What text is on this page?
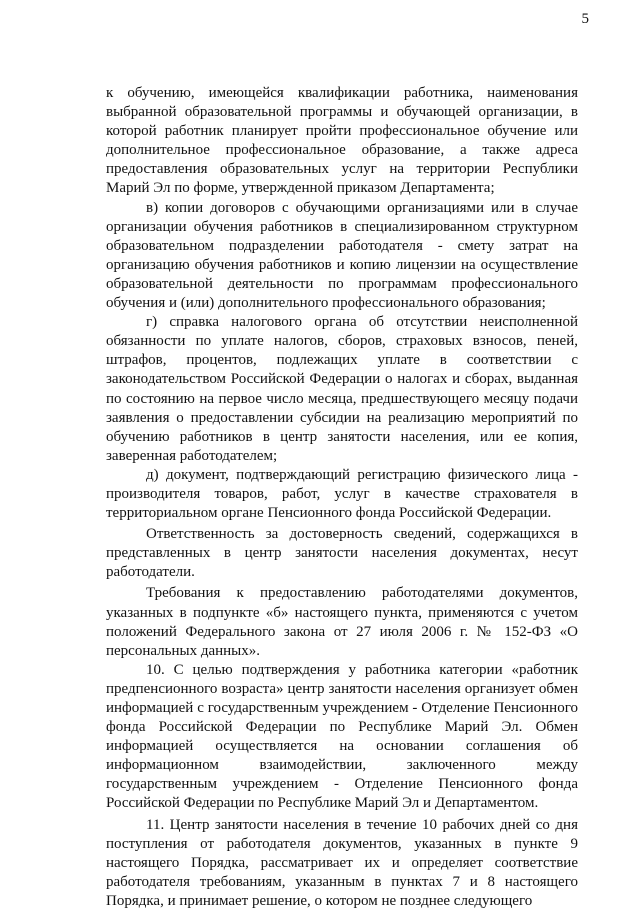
5

к обучению, имеющейся квалификации работника, наименования выбранной образовательной программы и обучающей организации, в которой работник планирует пройти профессиональное обучение или дополнительное профессиональное образование, а также адреса предоставления образовательных услуг на территории Республики Марий Эл по форме, утвержденной приказом Департамента;

в) копии договоров с обучающими организациями или в случае организации обучения работников в специализированном структурном образовательном подразделении работодателя - смету затрат на организацию обучения работников и копию лицензии на осуществление образовательной деятельности по программам профессионального обучения и (или) дополнительного профессионального образования;

г) справка налогового органа об отсутствии неисполненной обязанности по уплате налогов, сборов, страховых взносов, пеней, штрафов, процентов, подлежащих уплате в соответствии с законодательством Российской Федерации о налогах и сборах, выданная по состоянию на первое число месяца, предшествующего месяцу подачи заявления о предоставлении субсидии на реализацию мероприятий по обучению работников в центр занятости населения, или ее копия, заверенная работодателем;

д) документ, подтверждающий регистрацию физического лица - производителя товаров, работ, услуг в качестве страхователя в территориальном органе Пенсионного фонда Российской Федерации.

Ответственность за достоверность сведений, содержащихся в представленных в центр занятости населения документах, несут работодатели.

Требования к предоставлению работодателями документов, указанных в подпункте «б» настоящего пункта, применяются с учетом положений Федерального закона от 27 июля 2006 г. № 152-ФЗ «О персональных данных».

10. С целью подтверждения у работника категории «работник предпенсионного возраста» центр занятости населения организует обмен информацией с государственным учреждением - Отделение Пенсионного фонда Российской Федерации по Республике Марий Эл. Обмен информацией осуществляется на основании соглашения об информационном взаимодействии, заключенного между государственным учреждением - Отделение Пенсионного фонда Российской Федерации по Республике Марий Эл и Департаментом.

11. Центр занятости населения в течение 10 рабочих дней со дня поступления от работодателя документов, указанных в пункте 9 настоящего Порядка, рассматривает их и определяет соответствие работодателя требованиям, указанным в пунктах 7 и 8 настоящего Порядка, и принимает решение, о котором не позднее следующего
